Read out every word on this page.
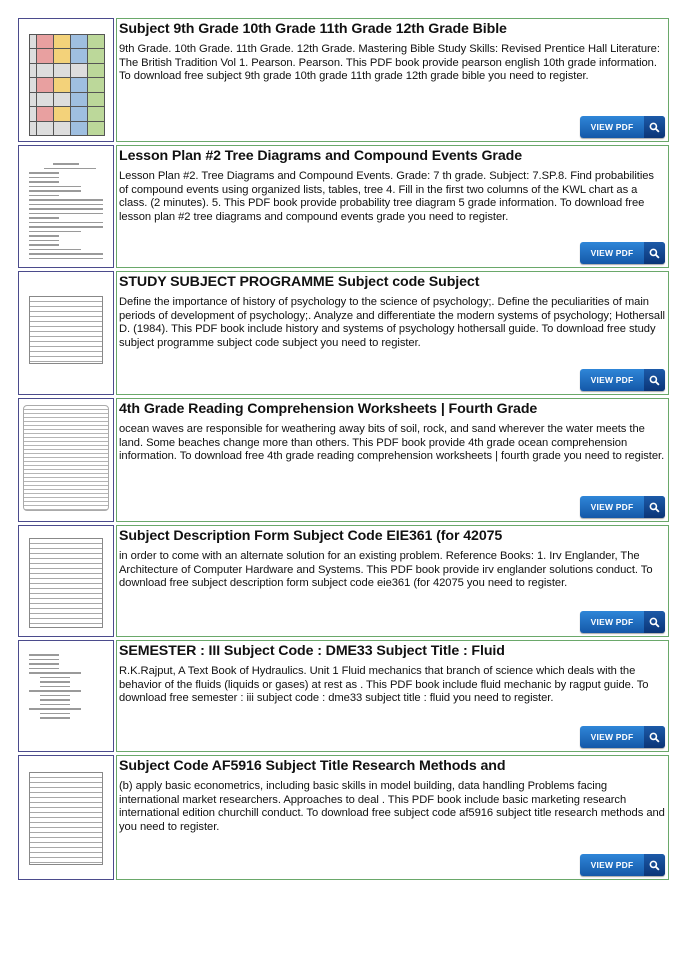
Subject 9th Grade 10th Grade 11th Grade 12th Grade Bible

9th Grade. 10th Grade. 11th Grade. 12th Grade. Mastering Bible Study Skills: Revised Prentice Hall Literature: The British Tradition Vol 1. Pearson. Pearson. This PDF book provide pearson english 10th grade information. To download free subject 9th grade 10th grade 11th grade 12th grade bible you need to register.

VIEW PDF

Lesson Plan #2 Tree Diagrams and Compound Events Grade

Lesson Plan #2. Tree Diagrams and Compound Events. Grade: 7 th grade. Subject: 7.SP.8. Find probabilities of compound events using organized lists, tables, tree 4. Fill in the first two columns of the KWL chart as a class. (2 minutes). 5. This PDF book provide probability tree diagram 5 grade information. To download free lesson plan #2 tree diagrams and compound events grade you need to register.

VIEW PDF

STUDY SUBJECT PROGRAMME Subject code Subject

Define the importance of history of psychology to the science of psychology;. Define the peculiarities of main periods of development of psychology;. Analyze and differentiate the modern systems of psychology; Hothersall D. (1984). This PDF book include history and systems of psychology hothersall guide. To download free study subject programme subject code subject you need to register.

VIEW PDF

4th Grade Reading Comprehension Worksheets | Fourth Grade

ocean waves are responsible for weathering away bits of soil, rock, and sand wherever the water meets the land. Some beaches change more than others. This PDF book provide 4th grade ocean comprehension information. To download free 4th grade reading comprehension worksheets | fourth grade you need to register.

VIEW PDF

Subject Description Form Subject Code EIE361 (for 42075

in order to come with an alternate solution for an existing problem. Reference Books: 1. Irv Englander, The Architecture of Computer Hardware and Systems. This PDF book provide irv englander solutions conduct. To download free subject description form subject code eie361 (for 42075 you need to register.

VIEW PDF

SEMESTER : III Subject Code : DME33 Subject Title : Fluid

R.K.Rajput, A Text Book of Hydraulics. Unit 1 Fluid mechanics that branch of science which deals with the behavior of the fluids (liquids or gases) at rest as . This PDF book include fluid mechanic by ragput guide. To download free semester : iii subject code : dme33 subject title : fluid you need to register.

VIEW PDF

Subject Code AF5916 Subject Title Research Methods and

(b) apply basic econometrics, including basic skills in model building, data handling Problems facing international market researchers. Approaches to deal . This PDF book include basic marketing research international edition churchill conduct. To download free subject code af5916 subject title research methods and you need to register.

VIEW PDF
